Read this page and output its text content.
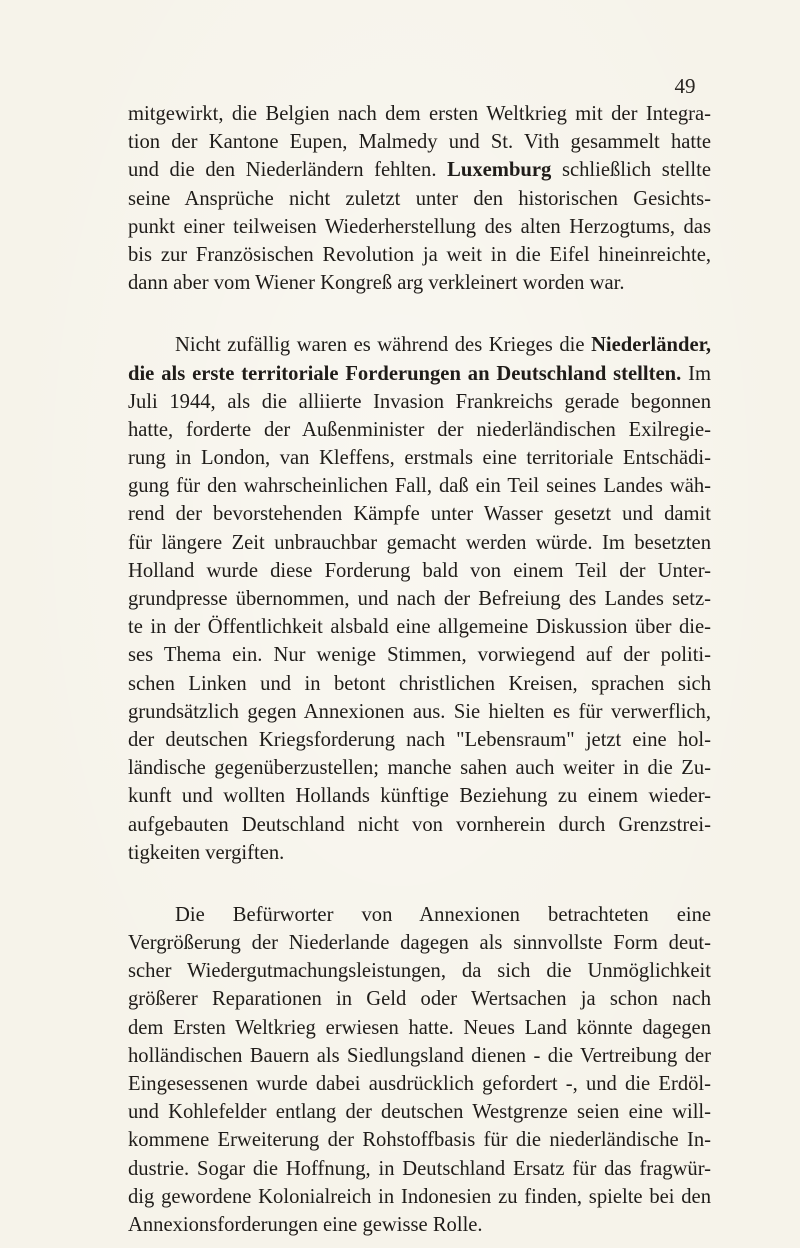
49

mitgewirkt, die Belgien nach dem ersten Weltkrieg mit der Integra-
tion der Kantone Eupen, Malmedy und St. Vith gesammelt hatte
und die den Niederländern fehlten. Luxemburg schließlich stellte
seine Ansprüche nicht zuletzt unter den historischen Gesichts-
punkt einer teilweisen Wiederherstellung des alten Herzogtums, das
bis zur Französischen Revolution ja weit in die Eifel hineinreichte,
dann aber vom Wiener Kongreß arg verkleinert worden war.

Nicht zufällig waren es während des Krieges die Niederländer,
die als erste territoriale Forderungen an Deutschland stellten. Im
Juli 1944, als die alliierte Invasion Frankreichs gerade begonnen
hatte, forderte der Außenminister der niederländischen Exilregie-
rung in London, van Kleffens, erstmals eine territoriale Entschädi-
gung für den wahrscheinlichen Fall, daß ein Teil seines Landes wäh-
rend der bevorstehenden Kämpfe unter Wasser gesetzt und damit
für längere Zeit unbrauchbar gemacht werden würde. Im besetzten
Holland wurde diese Forderung bald von einem Teil der Unter-
grundpresse übernommen, und nach der Befreiung des Landes setz-
te in der Öffentlichkeit alsbald eine allgemeine Diskussion über die-
ses Thema ein. Nur wenige Stimmen, vorwiegend auf der politi-
schen Linken und in betont christlichen Kreisen, sprachen sich
grundsätzlich gegen Annexionen aus. Sie hielten es für verwerflich,
der deutschen Kriegsforderung nach "Lebensraum" jetzt eine hol-
ländische gegenüberzustellen; manche sahen auch weiter in die Zu-
kunft und wollten Hollands künftige Beziehung zu einem wieder-
aufgebauten Deutschland nicht von vornherein durch Grenzstrei-
tigkeiten vergiften.

Die Befürworter von Annexionen betrachteten eine
Vergrößerung der Niederlande dagegen als sinnvollste Form deut-
scher Wiedergutmachungsleistungen, da sich die Unmöglichkeit
größerer Reparationen in Geld oder Wertsachen ja schon nach
dem Ersten Weltkrieg erwiesen hatte. Neues Land könnte dagegen
holländischen Bauern als Siedlungsland dienen - die Vertreibung der
Eingesessenen wurde dabei ausdrücklich gefordert -, und die Erdöl-
und Kohlefelder entlang der deutschen Westgrenze seien eine will-
kommene Erweiterung der Rohstoffbasis für die niederländische In-
dustrie. Sogar die Hoffnung, in Deutschland Ersatz für das fragwür-
dig gewordene Kolonialreich in Indonesien zu finden, spielte bei den
Annexionsforderungen eine gewisse Rolle.
